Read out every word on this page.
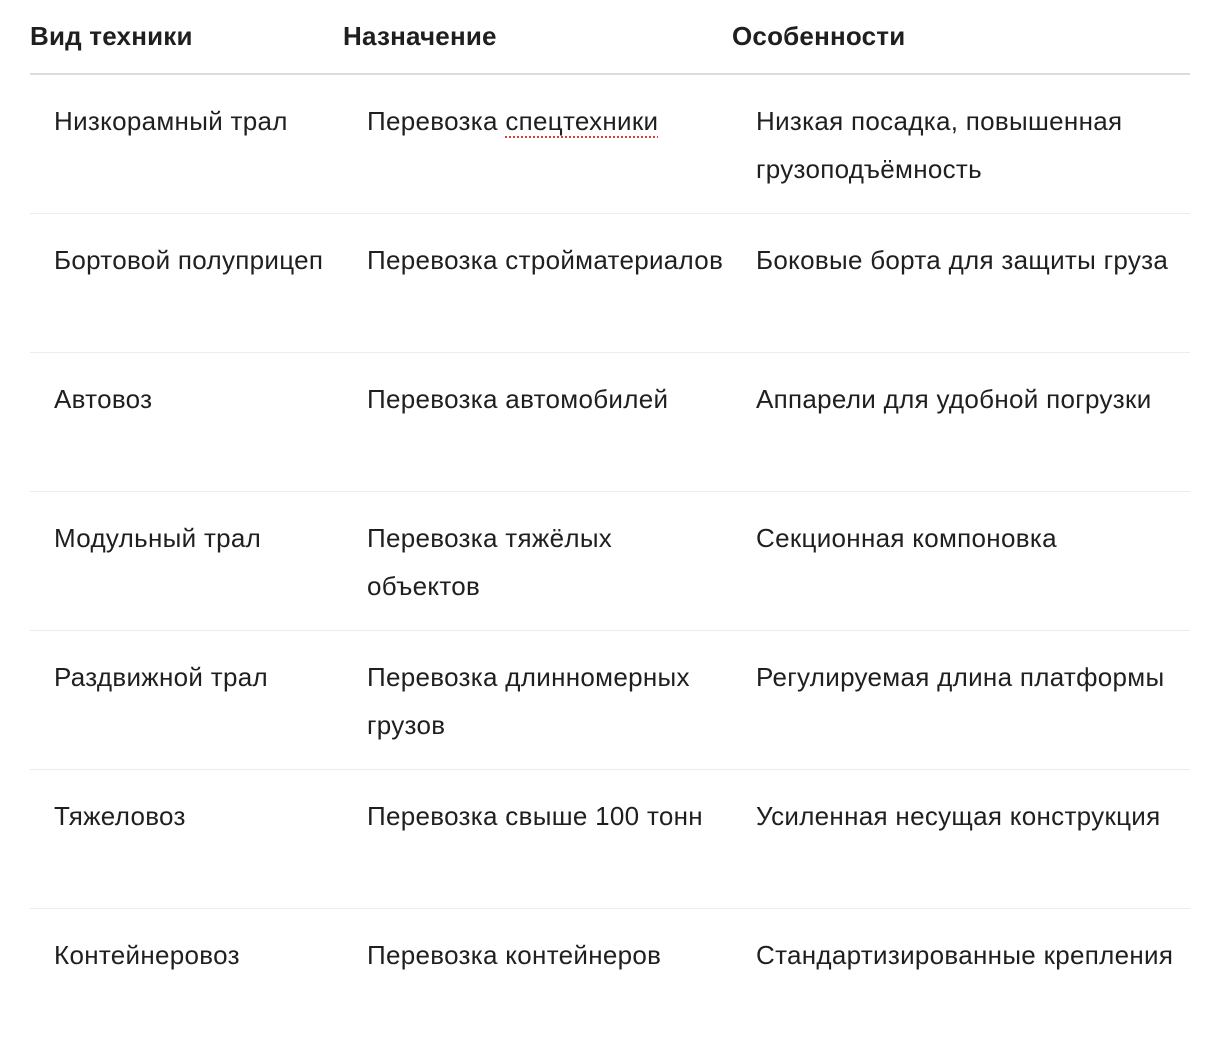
Вид техники	Назначение	Особенности
Низкорамный трал	Перевозка спецтехники	Низкая посадка, повышенная грузоподъёмность
Бортовой полуприцеп	Перевозка стройматериалов	Боковые борта для защиты груза
Автовоз	Перевозка автомобилей	Аппарели для удобной погрузки
Модульный трал	Перевозка тяжёлых объектов	Секционная компоновка
Раздвижной трал	Перевозка длинномерных грузов	Регулируемая длина платформы
Тяжеловоз	Перевозка свыше 100 тонн	Усиленная несущая конструкция
Контейнеровоз	Перевозка контейнеров	Стандартизированные крепления
